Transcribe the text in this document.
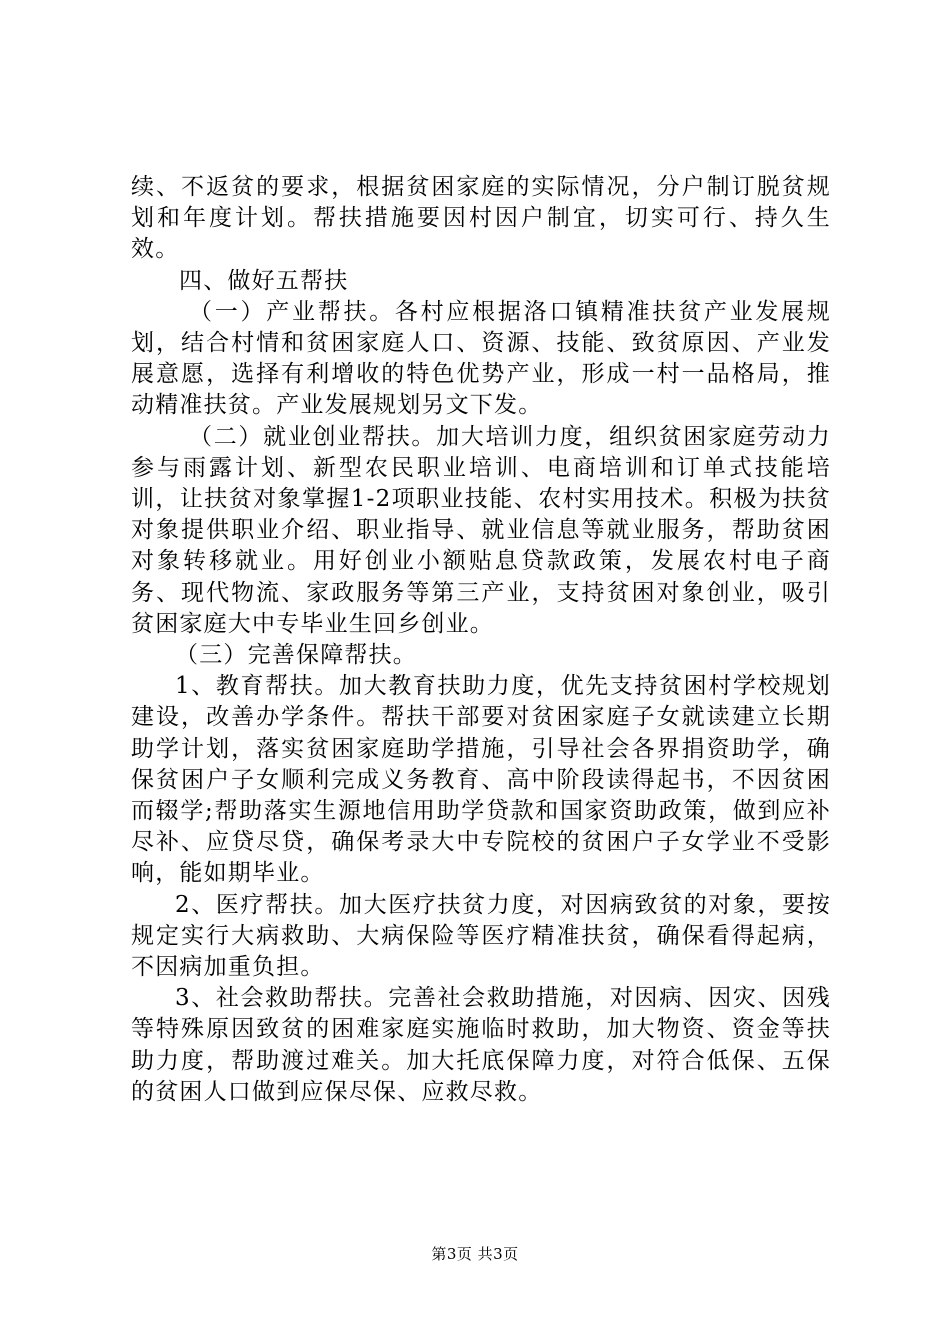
续、不返贫的要求，根据贫困家庭的实际情况，分户制订脱贫规划和年度计划。帮扶措施要因村因户制宜，切实可行、持久生效。

四、做好五帮扶

（一）产业帮扶。各村应根据洛口镇精准扶贫产业发展规划，结合村情和贫困家庭人口、资源、技能、致贫原因、产业发展意愿，选择有利增收的特色优势产业，形成一村一品格局，推动精准扶贫。产业发展规划另文下发。

（二）就业创业帮扶。加大培训力度，组织贫困家庭劳动力参与雨露计划、新型农民职业培训、电商培训和订单式技能培训，让扶贫对象掌握1-2项职业技能、农村实用技术。积极为扶贫对象提供职业介绍、职业指导、就业信息等就业服务，帮助贫困对象转移就业。用好创业小额贴息贷款政策，发展农村电子商务、现代物流、家政服务等第三产业，支持贫困对象创业，吸引贫困家庭大中专毕业生回乡创业。

（三）完善保障帮扶。

1、教育帮扶。加大教育扶助力度，优先支持贫困村学校规划建设，改善办学条件。帮扶干部要对贫困家庭子女就读建立长期助学计划，落实贫困家庭助学措施，引导社会各界捐资助学，确保贫困户子女顺利完成义务教育、高中阶段读得起书，不因贫困而辍学;帮助落实生源地信用助学贷款和国家资助政策，做到应补尽补、应贷尽贷，确保考录大中专院校的贫困户子女学业不受影响，能如期毕业。

2、医疗帮扶。加大医疗扶贫力度，对因病致贫的对象，要按规定实行大病救助、大病保险等医疗精准扶贫，确保看得起病，不因病加重负担。

3、社会救助帮扶。完善社会救助措施，对因病、因灾、因残等特殊原因致贫的困难家庭实施临时救助，加大物资、资金等扶助力度，帮助渡过难关。加大托底保障力度，对符合低保、五保的贫困人口做到应保尽保、应救尽救。

第3页 共3页
